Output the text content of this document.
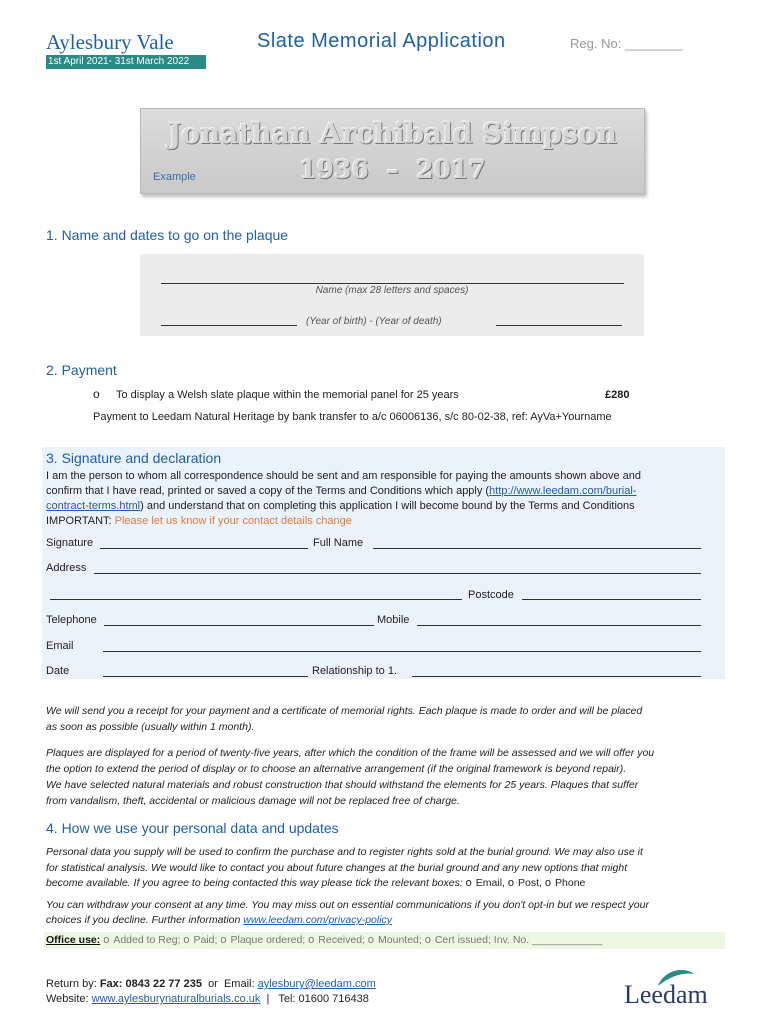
Aylesbury Vale
1st April 2021- 31st March 2022
Slate Memorial Application	Reg. No: ________
Jonathan Archibald Simpson
1936  –  2017
Example
1. Name and dates to go on the plaque
Name (max 28 letters and spaces)
(Year of birth) - (Year of death)
2. Payment
o To display a Welsh slate plaque within the memorial panel for 25 years	£280
Payment to Leedam Natural Heritage by bank transfer to a/c 06006136, s/c 80-02-38, ref: AyVa+Yourname
3. Signature and declaration
I am the person to whom all correspondence should be sent and am responsible for paying the amounts shown above and
confirm that I have read, printed or saved a copy of the Terms and Conditions which apply (http://www.leedam.com/burial-
contract-terms.html) and understand that on completing this application I will become bound by the Terms and Conditions
IMPORTANT: Please let us know if your contact details change
Signature	Full Name
Address
Postcode
Telephone	Mobile
Email
Date	Relationship to 1.
We will send you a receipt for your payment and a certificate of memorial rights. Each plaque is made to order and will be placed
as soon as possible (usually within 1 month).
Plaques are displayed for a period of twenty-five years, after which the condition of the frame will be assessed and we will offer you
the option to extend the period of display or to choose an alternative arrangement (if the original framework is beyond repair).
We have selected natural materials and robust construction that should withstand the elements for 25 years. Plaques that suffer
from vandalism, theft, accidental or malicious damage will not be replaced free of charge.
4. How we use your personal data and updates
Personal data you supply will be used to confirm the purchase and to register rights sold at the burial ground. We may also use it
for statistical analysis. We would like to contact you about future changes at the burial ground and any new options that might
become available. If you agree to being contacted this way please tick the relevant boxes: o Email, o Post, o Phone
You can withdraw your consent at any time. You may miss out on essential communications if you don't opt-in but we respect your
choices if you decline. Further information www.leedam.com/privacy-policy
Office use: o Added to Reg; o Paid; o Plaque ordered; o Received; o Mounted; o Cert issued; Inv. No. ____________
Return by: Fax: 0843 22 77 235  or  Email: aylesbury@leedam.com
Website: www.aylesburynaturalburials.co.uk  |   Tel: 01600 716438	Leedam
